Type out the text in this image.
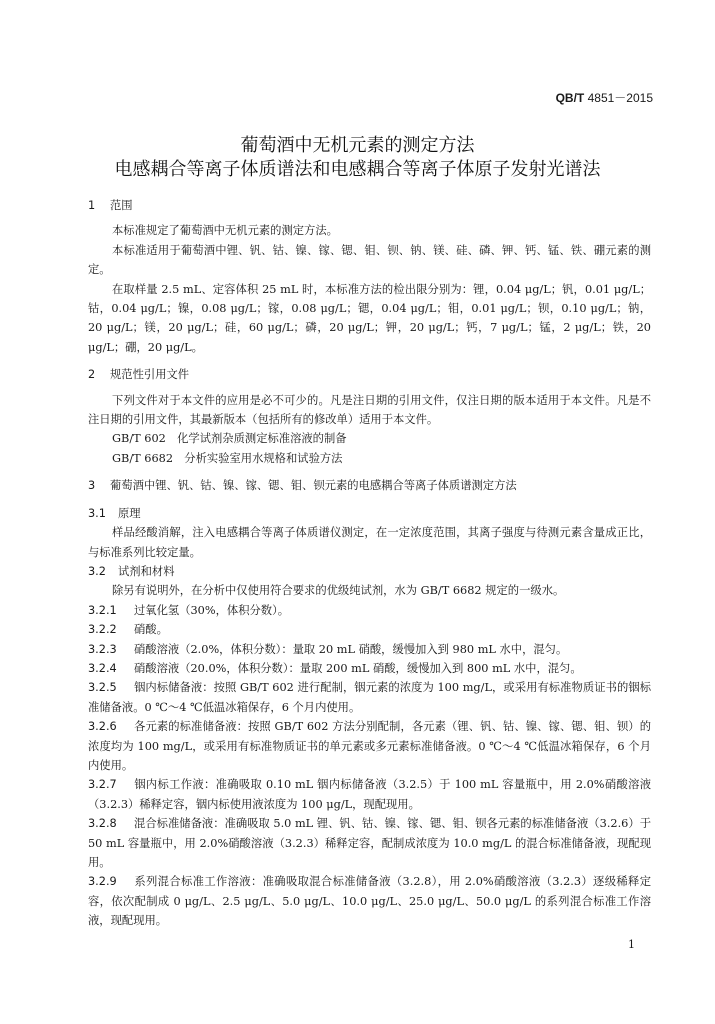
QB/T 4851－2015
葡萄酒中无机元素的测定方法
电感耦合等离子体质谱法和电感耦合等离子体原子发射光谱法
1 范围

本标准规定了葡萄酒中无机元素的测定方法。

本标准适用于葡萄酒中锂、钒、钴、镍、镓、锶、钼、钡、钠、镁、硅、磷、钾、钙、锰、铁、硼元素的测定。

在取样量 2.5 mL、定容体积 25 mL 时，本标准方法的检出限分别为：锂，0.04 μg/L；钒，0.01 μg/L；钴，0.04 μg/L；镍，0.08 μg/L；镓，0.08 μg/L；锶，0.04 μg/L；钼，0.01 μg/L；钡，0.10 μg/L；钠，20 μg/L；镁，20 μg/L；硅，60 μg/L；磷，20 μg/L；钾，20 μg/L；钙，7 μg/L；锰，2 μg/L；铁，20 μg/L；硼，20 μg/L。

2 规范性引用文件

下列文件对于本文件的应用是必不可少的。凡是注日期的引用文件，仅注日期的版本适用于本文件。凡是不注日期的引用文件，其最新版本（包括所有的修改单）适用于本文件。

GB/T 602　化学试剂杂质测定标准溶液的制备

GB/T 6682　分析实验室用水规格和试验方法

3 葡萄酒中锂、钒、钴、镍、镓、锶、钼、钡元素的电感耦合等离子体质谱测定方法
3.1 原理

样品经酸消解，注入电感耦合等离子体质谱仪测定，在一定浓度范围，其离子强度与待测元素含量成正比，与标准系列比较定量。

3.2 试剂和材料

除另有说明外，在分析中仅使用符合要求的优级纯试剂，水为 GB/T 6682 规定的一级水。

3.2.1 过氧化氢（30%，体积分数）。

3.2.2 硝酸。

3.2.3 硝酸溶液（2.0%，体积分数）：量取 20 mL 硝酸，缓慢加入到 980 mL 水中，混匀。

3.2.4 硝酸溶液（20.0%，体积分数）：量取 200 mL 硝酸，缓慢加入到 800 mL 水中，混匀。

3.2.5 铟内标储备液：按照 GB/T 602 进行配制，铟元素的浓度为 100 mg/L，或采用有标准物质证书的铟标准储备液。0 ℃～4 ℃低温冰箱保存，6 个月内使用。

3.2.6 各元素的标准储备液：按照 GB/T 602 方法分别配制，各元素（锂、钒、钴、镍、镓、锶、钼、钡）的浓度均为 100 mg/L，或采用有标准物质证书的单元素或多元素标准储备液。0 ℃～4 ℃低温冰箱保存，6 个月内使用。

3.2.7 铟内标工作液：准确吸取 0.10 mL 铟内标储备液（3.2.5）于 100 mL 容量瓶中，用 2.0%硝酸溶液（3.2.3）稀释定容，铟内标使用液浓度为 100 μg/L，现配现用。

3.2.8 混合标准储备液：准确吸取 5.0 mL 锂、钒、钴、镍、镓、锶、钼、钡各元素的标准储备液（3.2.6）于 50 mL 容量瓶中，用 2.0%硝酸溶液（3.2.3）稀释定容，配制成浓度为 10.0 mg/L 的混合标准储备液，现配现用。

3.2.9 系列混合标准工作溶液：准确吸取混合标准储备液（3.2.8），用 2.0%硝酸溶液（3.2.3）逐级稀释定容，依次配制成 0 μg/L、2.5 μg/L、5.0 μg/L、10.0 μg/L、25.0 μg/L、50.0 μg/L 的系列混合标准工作溶液，现配现用。

1
